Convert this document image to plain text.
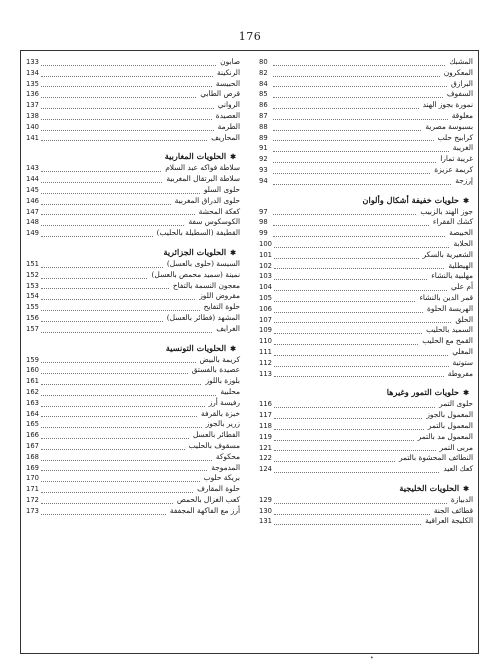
176
المشبك
80
المعكرون
82
البرازق
84
السفوف
85
نمورة بجوز الهند
86
معلوقة
87
بسبوسة مصرية
88
كرابيج حلب
89
الغريبة
91
غريبة تمارا
92
كريمة عزيزة
93
إرزجة
94
✱حلويات خفيفة أشكال وألوان
جوز الهند بالزبيب
97
كشك الفقراء
98
الخبيصة
99
الحلابة
100
الشعيرية بالسكر
101
الهيطلية
102
مهلبية بالنشاء
103
أم علي
104
قمر الدين بالنشاء
105
الهريسة الحلوة
106
الحلق
107
السميد بالحليب
109
القمح مع الحليب
110
المغلي
111
ستوتية
112
مفروطة
113
✱حلويات التمور وغيرها
حلوى التمر
116
المعمول بالجوز
117
المعمول بالتمر
118
المعمول مد بالتمر
119
مربى التمر
121
النطائف المحشوة بالتمر
122
كعك العيد
124
✱الحلويات الخليجية
الدبيازة
129
قطائف الجنة
130
الكليجة العراقية
131
صابون
133
الرنكينة
134
الحبيسة
135
قرص الطابي
136
الرواني
137
العصيدة
138
الطرمة
140
المحاريف
141
✱الحلويات المغاربية
سلاطة فواكه عبد السلام
143
سلاطة البرتقال المغربية
144
حلوى السلو
145
حلوى الدراق المغربية
146
كعكة المحشة
147
الكوسكوس سفة
148
القطيفة (السطيلة بالحليب)
149
✱الحلويات الجزائرية
السيسة (حلوى بالعسل)
151
نمينة (سميد محمص بالعسل)
152
معجون النسمة بالتفاح
153
مقروض اللوز
154
حلوة التفايح
155
المشهد (فطائر بالعسل)
156
الغرايف
157
✱الحلويات التونسية
كريمة بالبيض
159
عصيدة بالفستق
160
بلوزة باللوز
161
محلبية
162
رفيسة أرز
163
خبزة بالقرفة
164
زرير بالجوز
165
الفطائر بالعسل
166
مسقوف بالحليب
167
محكوكة
168
المدموجة
169
بريكة حلوب
170
حلوة المقارف
171
كعب الغزال بالحمص
172
أرز مع الفاكهة المجففة
173
•
